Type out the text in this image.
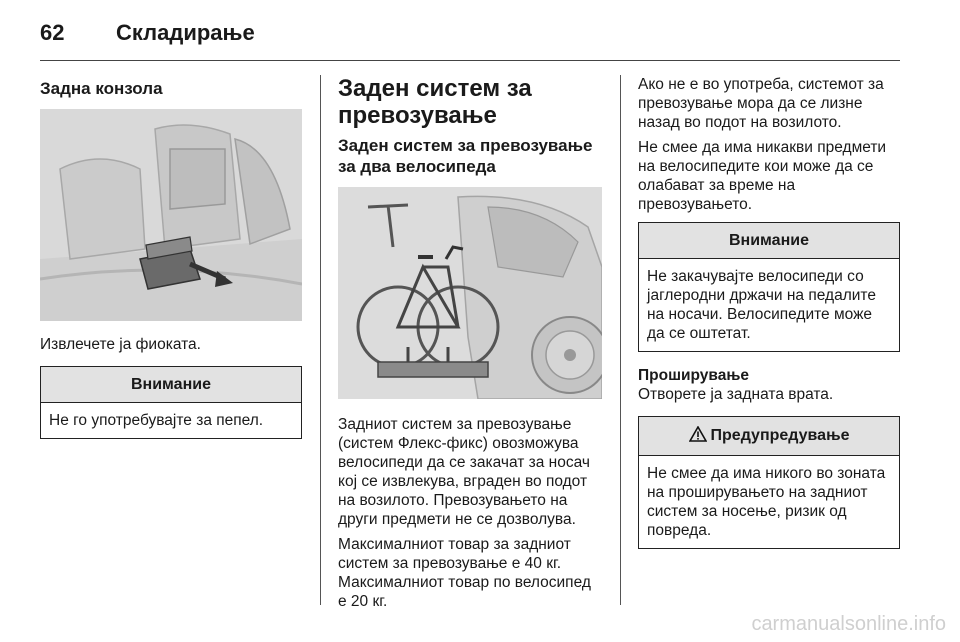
62 Складирање
Задна конзола
Извлечете ја фиоката.
Внимание
Не го употребувајте за пепел.
Заден систем за превозување
Заден систем за превозување за два велосипеда
Задниот систем за превозување (систем Флекс-фикс) овозможува велосипеди да се закачат за носач кој се извлекува, вграден во подот на возилото. Превозувањето на други предмети не се дозволува.
Максималниот товар за задниот систем за превозување е 40 кг. Максималниот товар по велосипед е 20 кг.
Ако не е во употреба, системот за превозување мора да се лизне назад во подот на возилото.
Не смее да има никакви предмети на велосипедите кои може да се олабават за време на превозувањето.
Внимание
Не закачувајте велосипеди со јаглеродни држачи на педалите на носачи. Велосипедите може да се оштетат.
Проширување
Отворете ја задната врата.
Предупредување
Не смее да има никого во зоната на проширувањето на задниот систем за носење, ризик од повреда.
carmanualsonline.info
